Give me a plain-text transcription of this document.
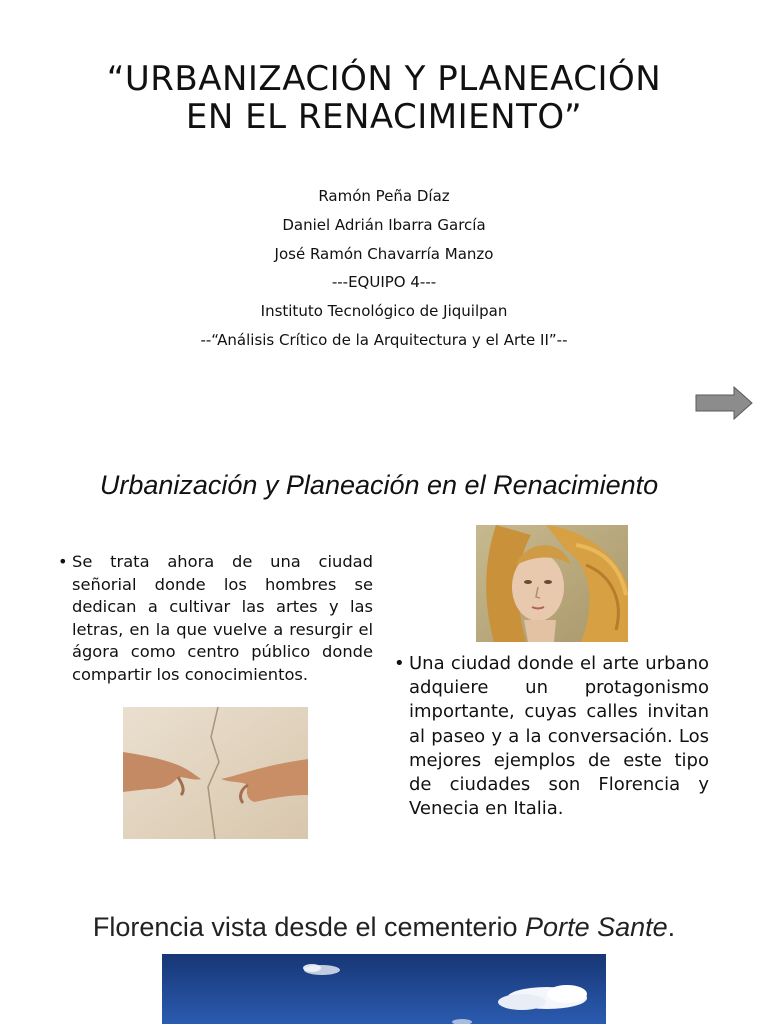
“URBANIZACIÓN Y PLANEACIÓN
EN EL RENACIMIENTO”
Ramón Peña Díaz
Daniel Adrián Ibarra García
José Ramón Chavarría Manzo
---EQUIPO 4---
Instituto Tecnológico de Jiquilpan
--“Análisis Crítico de la Arquitectura y el Arte II”--
Urbanización y Planeación en el Renacimiento
• Se trata ahora de una ciudad señorial donde los hombres se dedican a cultivar las artes y las letras, en la que vuelve a resurgir el ágora como centro público donde compartir los conocimientos.
• Una ciudad donde el arte urbano adquiere un protagonismo importante, cuyas calles invitan al paseo y a la conversación. Los mejores ejemplos de este tipo de ciudades son Florencia y Venecia en Italia.
Florencia vista desde el cementerio Porte Sante.
